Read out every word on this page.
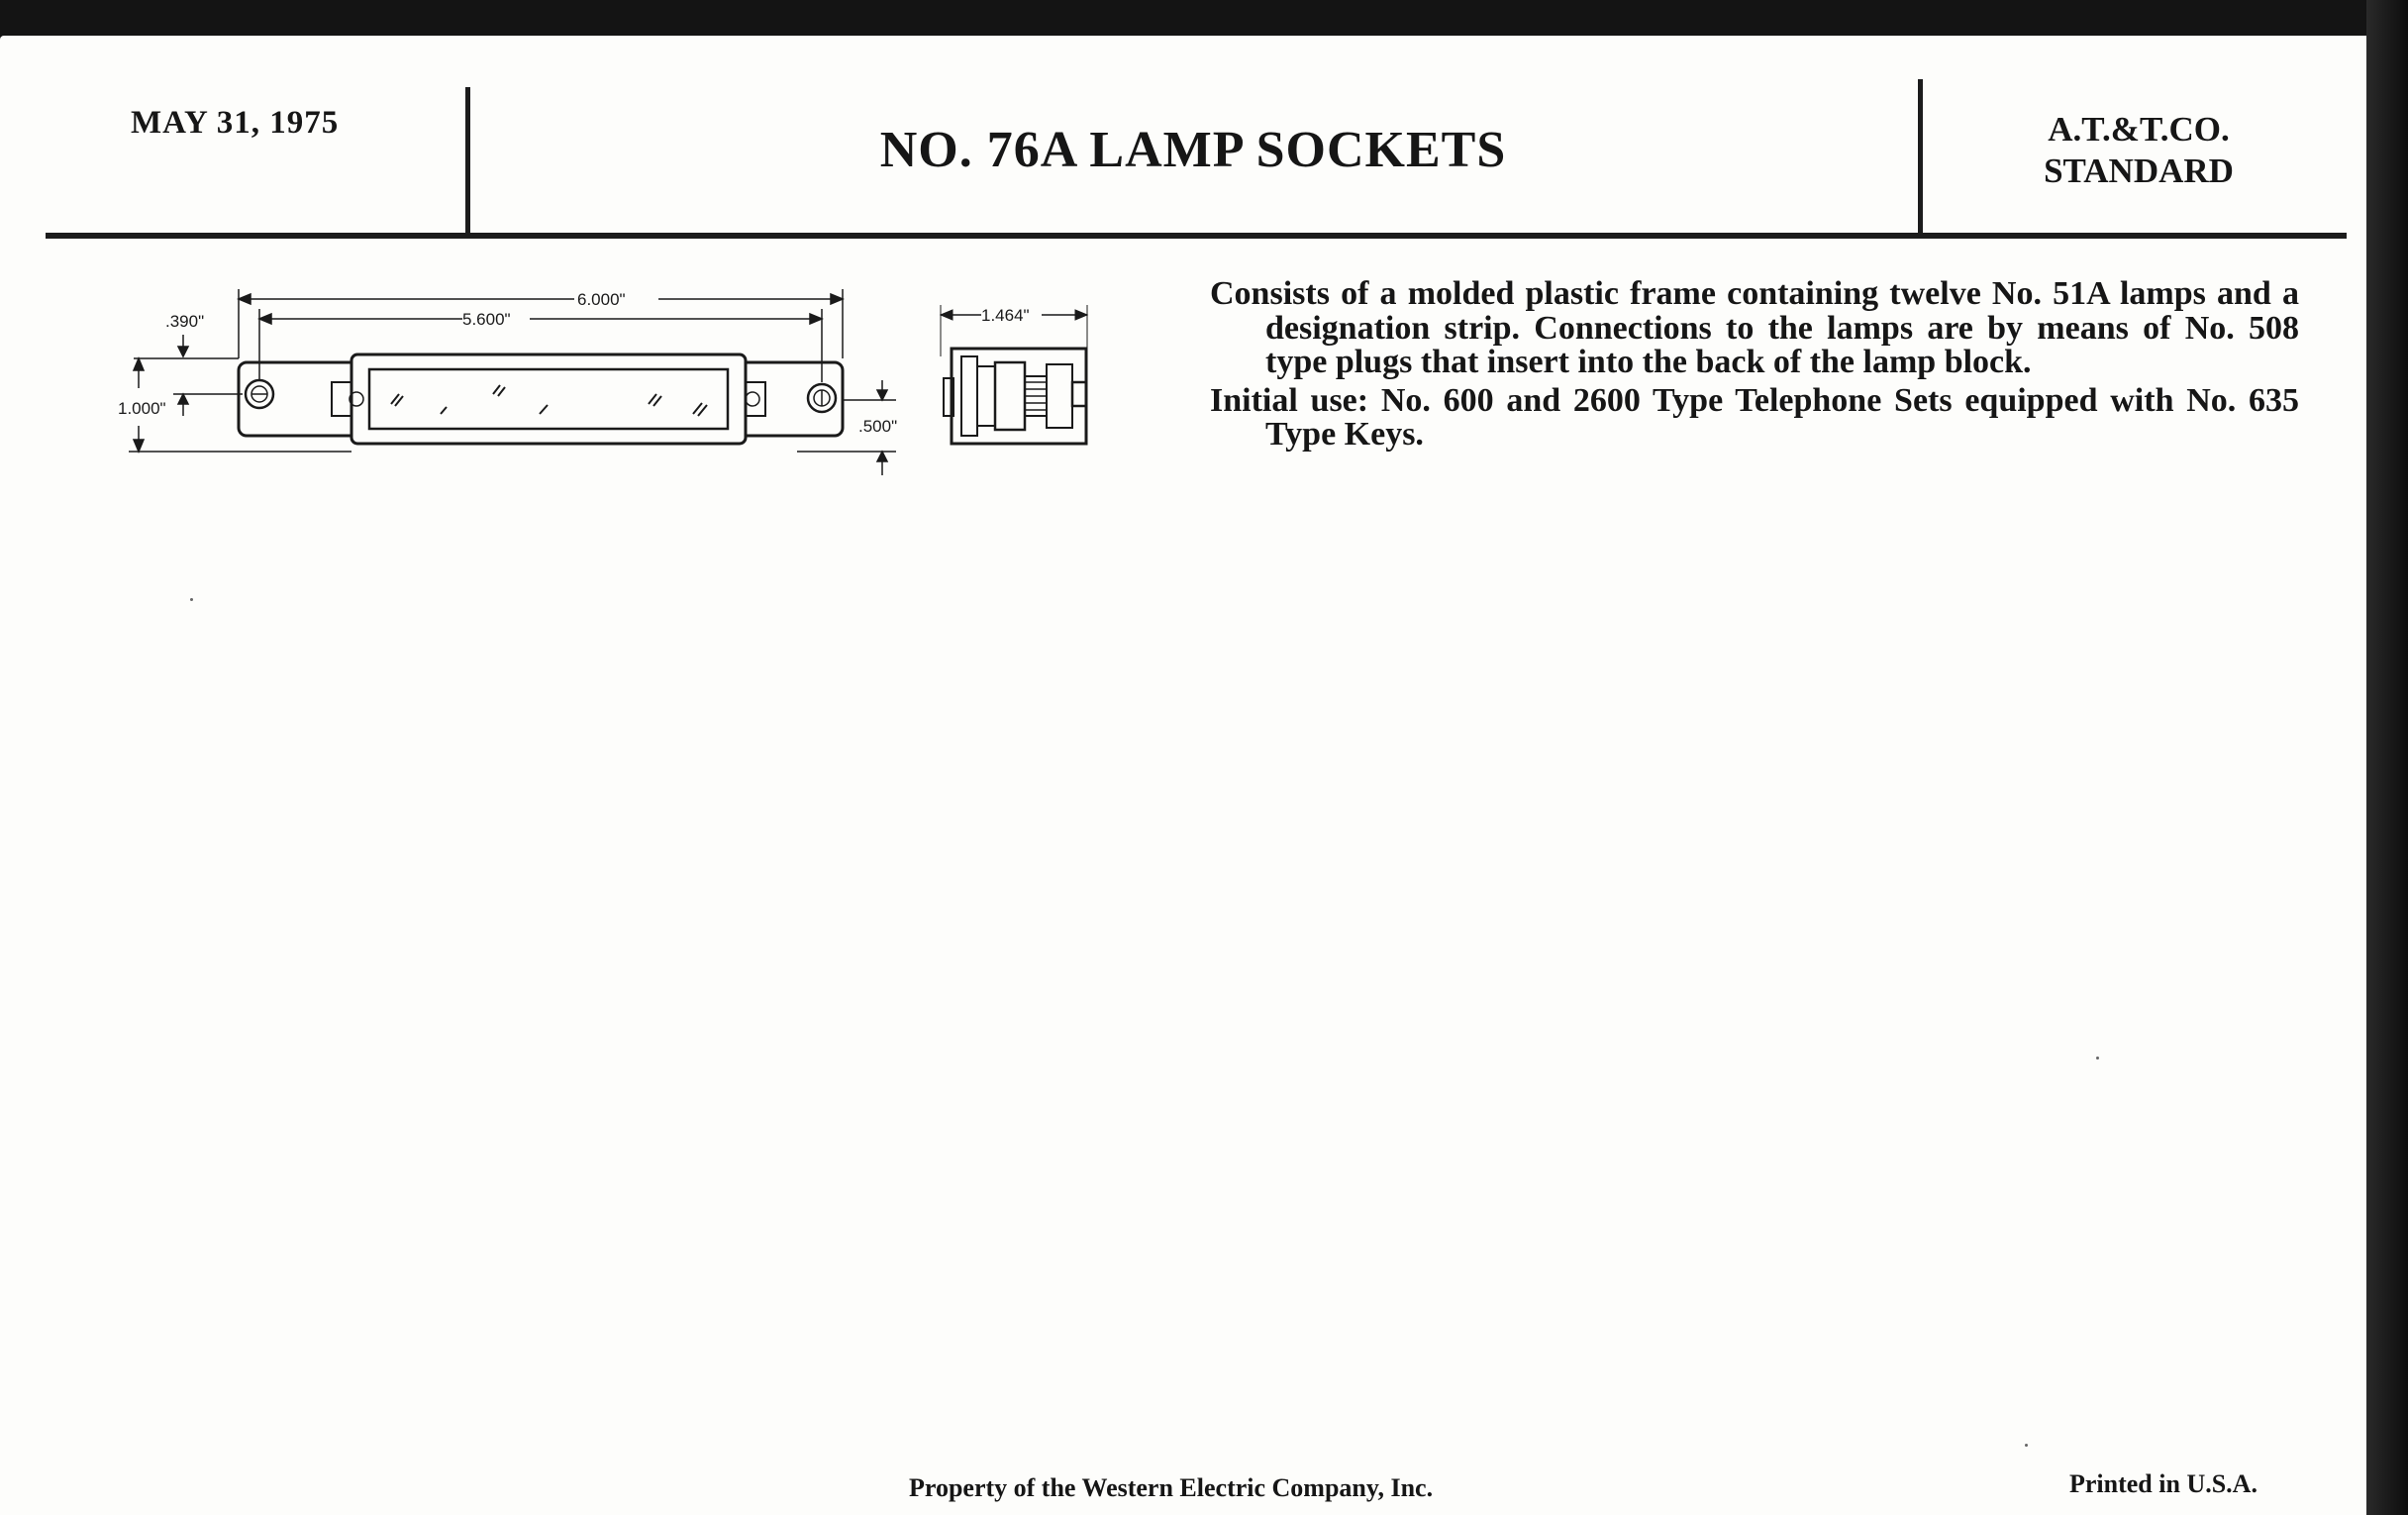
MAY 31, 1975	NO. 76A LAMP SOCKETS	A.T.&T.CO.
STANDARD
6.000"
5.600"
.390"
1.000"
.500"
1.464"

Consists of a molded plastic frame containing twelve No. 51A lamps and a designation strip. Connections to the lamps are by means of No. 508 type plugs that insert into the back of the lamp block.

Initial use: No. 600 and 2600 Type Telephone Sets equipped with No. 635 Type Keys.

Property of the Western Electric Company, Inc.	Printed in U.S.A.
